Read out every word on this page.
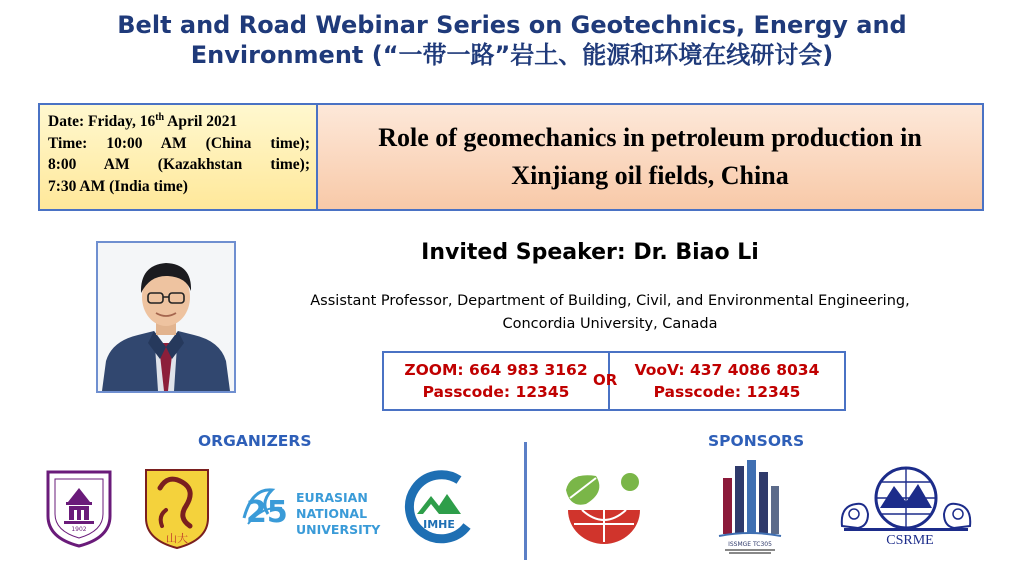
Belt and Road Webinar Series on Geotechnics, Energy and
Environment (“一带一路”岩土、能源和环境在线研讨会)
Date: Friday, 16th April 2021
Time: 10:00 AM (China time);
8:00 AM (Kazakhstan time);
7:30 AM (India time)
Role of geomechanics in petroleum production in
Xinjiang oil fields, China
Invited Speaker: Dr. Biao Li
Assistant Professor, Department of Building, Civil, and Environmental Engineering,
Concordia University, Canada
ZOOM: 664 983 3162
Passcode: 12345
VooV: 437 4086 8034
Passcode: 12345
OR
ORGANIZERS	SPONSORS
1902
山大
25 EURASIAN
NATIONAL
UNIVERSITY	IMHE
ISSMGE TC305	CSRME
